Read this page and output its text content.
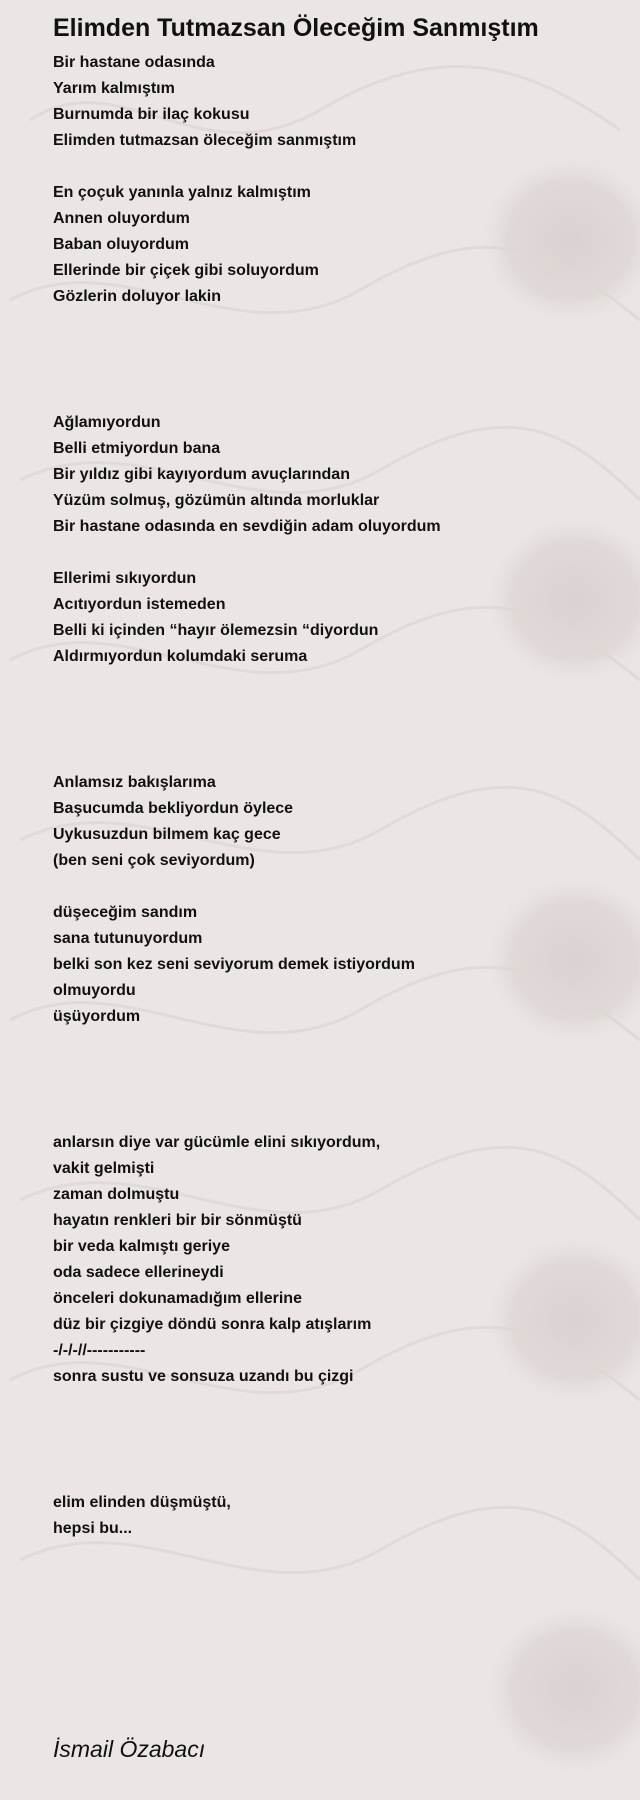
Elimden Tutmazsan Öleceğim Sanmıştım
Bir hastane odasında
Yarım kalmıştım
Burnumda bir ilaç kokusu
Elimden tutmazsan öleceğim sanmıştım
En çoçuk yanınla yalnız kalmıştım
Annen oluyordum
Baban oluyordum
Ellerinde bir çiçek gibi soluyordum
Gözlerin doluyor lakin
Ağlamıyordun
Belli etmiyordun bana
Bir yıldız gibi kayıyordum avuçlarından
Yüzüm solmuş, gözümün altında morluklar
Bir hastane odasında en sevdiğin adam oluyordum
Ellerimi sıkıyordun
Acıtıyordun istemeden
Belli ki içinden “hayır ölemezsin “diyordun
Aldırmıyordun kolumdaki seruma
Anlamsız bakışlarıma
Başucumda bekliyordun öylece
Uykusuzdun bilmem kaç gece
(ben seni çok seviyordum)
düşeceğim sandım
sana tutunuyordum
belki son kez seni seviyorum demek istiyordum
olmuyordu
üşüyordum
anlarsın diye var gücümle elini sıkıyordum,
vakit gelmişti
zaman dolmuştu
hayatın renkleri bir bir sönmüştü
bir veda kalmıştı geriye
oda sadece ellerineydi
önceleri dokunamadığım ellerine
düz bir çizgiye döndü sonra kalp atışlarım
-/-/-//-----------
sonra sustu ve sonsuza uzandı bu çizgi
elim elinden düşmüştü,
hepsi bu...
İsmail Özabacı
